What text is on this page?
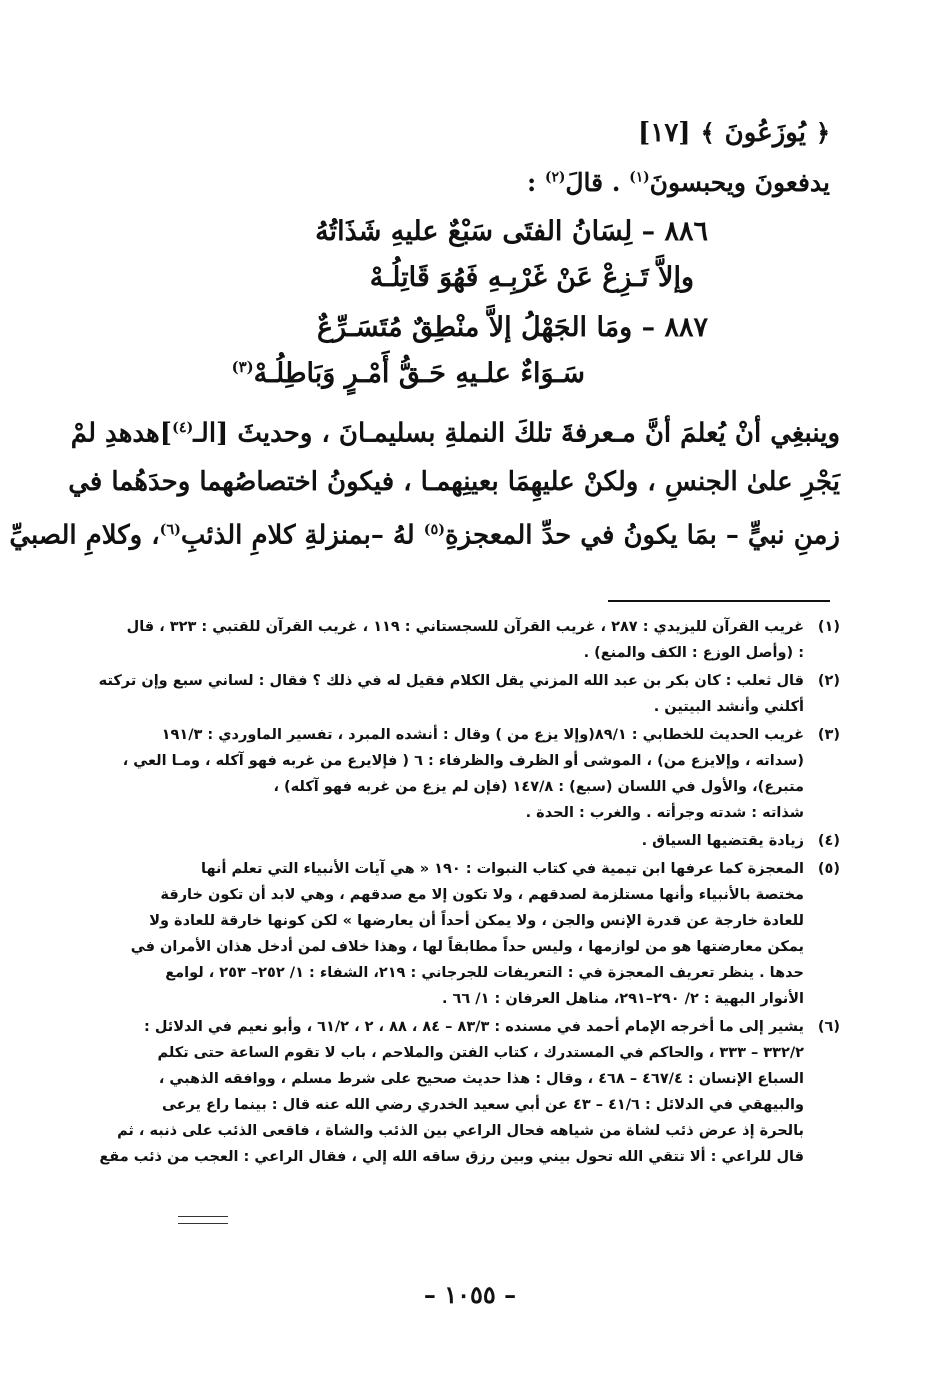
﴿
يُوزَعُونَ
﴾
[١٧]
يدفعونَ ويحبسونَ$^{(١)}$ . قالَ$^{(٢)}$ :
٨٨٦ – لِسَانُ الفتَى سَبْعٌ عليهِ شَذَاتُهُ
وإلاَّ تَـزِعْ عَنْ غَرْبِـهِ فَهُوَ قَاتِلُـهْ
٨٨٧ – ومَا الجَهْلُ إلاَّ منْطِقٌ مُتَسَـرِّعٌ
سَـوَاءٌ علـيهِ حَـقُّ أَمْـرٍ وَبَاطِلُـهْ$^{(٣)}$
وينبغِي أنْ يُعلمَ أنَّ مـعرفةَ تلكَ النملةِ بسليمـانَ ، وحديثَ [الـ$^{(٤)}$]هدهدِ لمْ
يَجْرِ علىٰ الجنسِ ، ولكنْ عليهِمَا بعينِهمـا ، فيكونُ اختصاصُهما وحدَهُما في
زمنِ نبيٍّ – بمَا يكونُ في حدِّ المعجزةِ$^{(٥)}$ لهُ –بمنزلةِ كلامِ الذئبِ$^{(٦)}$، وكلامِ الصبيِّ
(١)
غريب القرآن لليزيدي : ٢٨٧ ، غريب القرآن للسجستاني : ١١٩ ، غريب القرآن للقتبي : ٣٢٣ ، قال
: (وأصل الوزع : الكف والمنع) .
(٢)
قال ثعلب : كان بكر بن عبد الله المزني يقل الكلام فقيل له في ذلك ؟ فقال : لساني سبع وإن تركته
أكلني وأنشد البيتين .
(٣)
غريب الحديث للخطابي : ٨٩/١(وإلا يزع من ) وقال : أنشده المبرد ، تفسير الماوردي : ١٩١/٣
(سداته ، وإلايزع من) ، الموشى أو الظرف والظرفاء : ٦ ( فإلايرع من غربه فهو آكله ، ومـا العي ،
متبرع)، والأول في اللسان (سبع) : ١٤٧/٨ (فإن لم يزع من غربه فهو آكله) ،
شذاته : شدته وجرأته . والغرب : الحدة .
(٤)
زيادة يقتضيها السياق .
(٥)
المعجزة كما عرفها ابن تيمية في كتاب النبوات : ١٩٠ « هي آيات الأنبياء التي تعلم أنها
مختصة بالأنبياء وأنها مستلزمة لصدقهم ، ولا تكون إلا مع صدقهم ، وهي لابد أن تكون خارقة
للعادة خارجة عن قدرة الإنس والجن ، ولا يمكن أحداً أن يعارضها » لكن كونها خارقة للعادة ولا
يمكن معارضتها هو من لوازمها ، وليس حداً مطابقاً لها ، وهذا خلاف لمن أدخل هذان الأمران في
حدها . ينظر تعريف المعجزة في : التعريفات للجرجاني : ٢١٩، الشفاء : ١/ ٢٥٢– ٢٥٣ ، لوامع
الأنوار البهية : ٢/ ٢٩٠–٢٩١، مناهل العرفان : ١/ ٦٦ .
(٦)
يشير إلى ما أخرجه الإمام أحمد في مسنده : ٨٣/٣ – ٨٤ ، ٨٨ ، ٢ ، ٦١/٢ ، وأبو نعيم في الدلائل :
٣٣٢/٢ – ٣٣٣ ، والحاكم في المستدرك ، كتاب الفتن والملاحم ، باب لا تقوم الساعة حتى تكلم
السباع الإنسان : ٤٦٧/٤ – ٤٦٨ ، وقال : هذا حديث صحيح على شرط مسلم ، ووافقه الذهبي ،
والبيهقي في الدلائل : ٤١/٦ – ٤٣ عن أبي سعيد الخدري رضي الله عنه قال : بينما راع يرعى
بالحرة إذ عرض ذئب لشاة من شياهه فحال الراعي بين الذئب والشاة ، فاقعى الذئب على ذنبه ، ثم
قال للراعي : ألا تتقي الله تحول بيني وبين رزق ساقه الله إلي ، فقال الراعي : العجب من ذئب مقع
– ١٠٥٥ –
